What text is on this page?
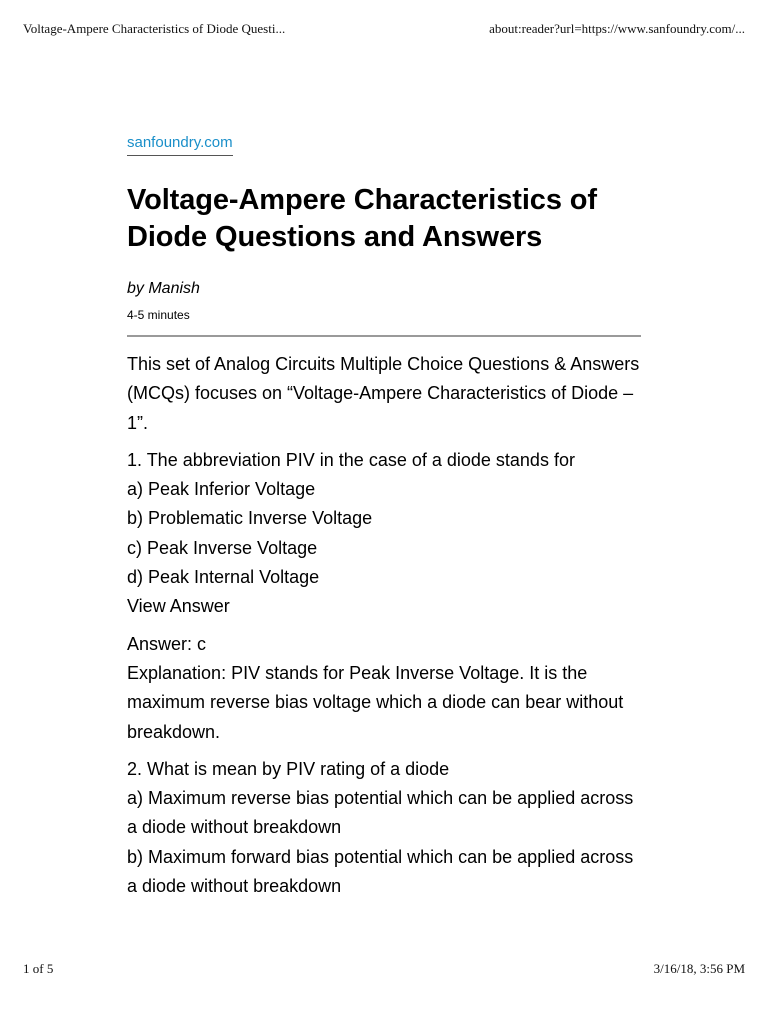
Voltage-Ampere Characteristics of Diode Questi...	about:reader?url=https://www.sanfoundry.com/...
sanfoundry.com
Voltage-Ampere Characteristics of Diode Questions and Answers
by Manish
4-5 minutes

This set of Analog Circuits Multiple Choice Questions & Answers (MCQs) focuses on “Voltage-Ampere Characteristics of Diode – 1”.

1. The abbreviation PIV in the case of a diode stands for
a) Peak Inferior Voltage
b) Problematic Inverse Voltage
c) Peak Inverse Voltage
d) Peak Internal Voltage
View Answer

Answer: c
Explanation: PIV stands for Peak Inverse Voltage. It is the maximum reverse bias voltage which a diode can bear without breakdown.

2. What is mean by PIV rating of a diode
a) Maximum reverse bias potential which can be applied across a diode without breakdown
b) Maximum forward bias potential which can be applied across a diode without breakdown

1 of 5	3/16/18, 3:56 PM
